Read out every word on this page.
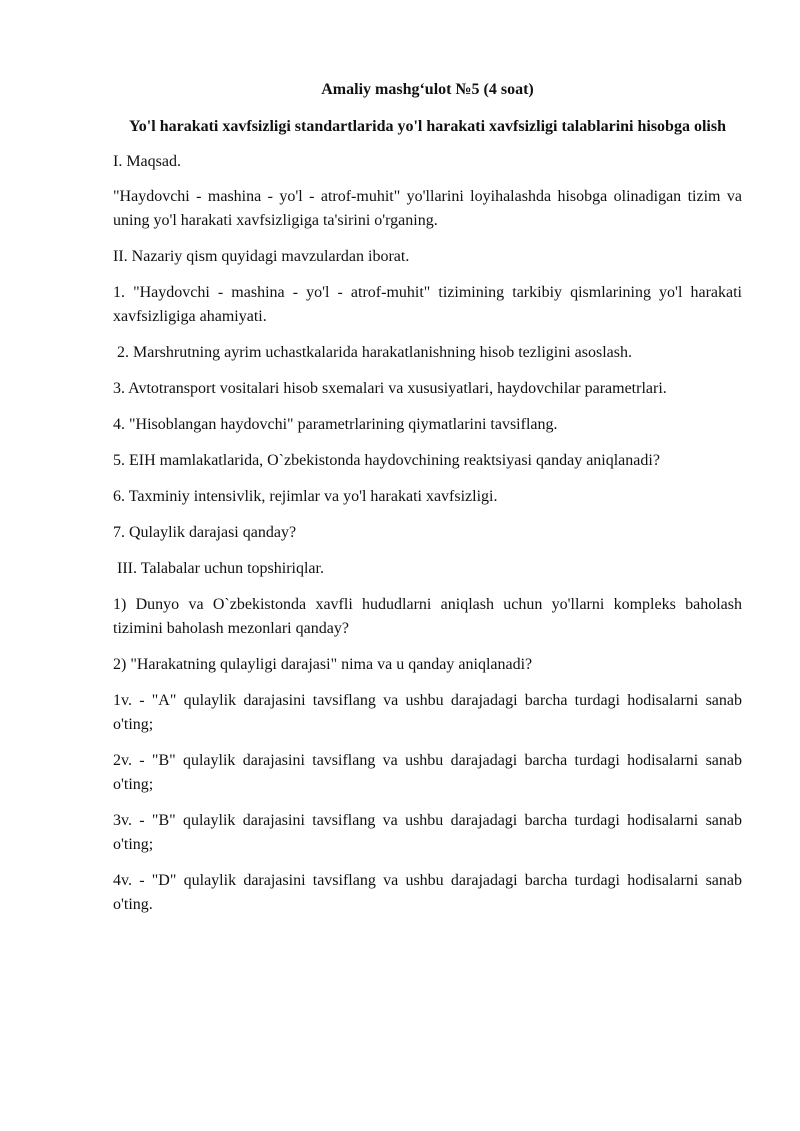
Amaliy mashg‘ulot №5 (4 soat)
Yo'l harakati xavfsizligi standartlarida yo'l harakati xavfsizligi talablarini hisobga olish
I. Maqsad.
"Haydovchi - mashina - yo'l - atrof-muhit" yo'llarini loyihalashda hisobga olinadigan tizim va uning yo'l harakati xavfsizligiga ta'sirini o'rganing.
II. Nazariy qism quyidagi mavzulardan iborat.
1. "Haydovchi - mashina - yo'l - atrof-muhit" tizimining tarkibiy qismlarining yo'l harakati xavfsizligiga ahamiyati.
2. Marshrutning ayrim uchastkalarida harakatlanishning hisob tezligini asoslash.
3. Avtotransport vositalari hisob sxemalari va xususiyatlari, haydovchilar parametrlari.
4. "Hisoblangan haydovchi" parametrlarining qiymatlarini tavsiflang.
5. EIH mamlakatlarida, O`zbekistonda haydovchining reaktsiyasi qanday aniqlanadi?
6. Taxminiy intensivlik, rejimlar va yo'l harakati xavfsizligi.
7. Qulaylik darajasi qanday?
III. Talabalar uchun topshiriqlar.
1) Dunyo va O`zbekistonda xavfli hududlarni aniqlash uchun yo'llarni kompleks baholash tizimini baholash mezonlari qanday?
2) "Harakatning qulayligi darajasi" nima va u qanday aniqlanadi?
1v. - "A" qulaylik darajasini tavsiflang va ushbu darajadagi barcha turdagi hodisalarni sanab o'ting;
2v. - "B" qulaylik darajasini tavsiflang va ushbu darajadagi barcha turdagi hodisalarni sanab o'ting;
3v. - "B" qulaylik darajasini tavsiflang va ushbu darajadagi barcha turdagi hodisalarni sanab o'ting;
4v. - "D" qulaylik darajasini tavsiflang va ushbu darajadagi barcha turdagi hodisalarni sanab o'ting.
